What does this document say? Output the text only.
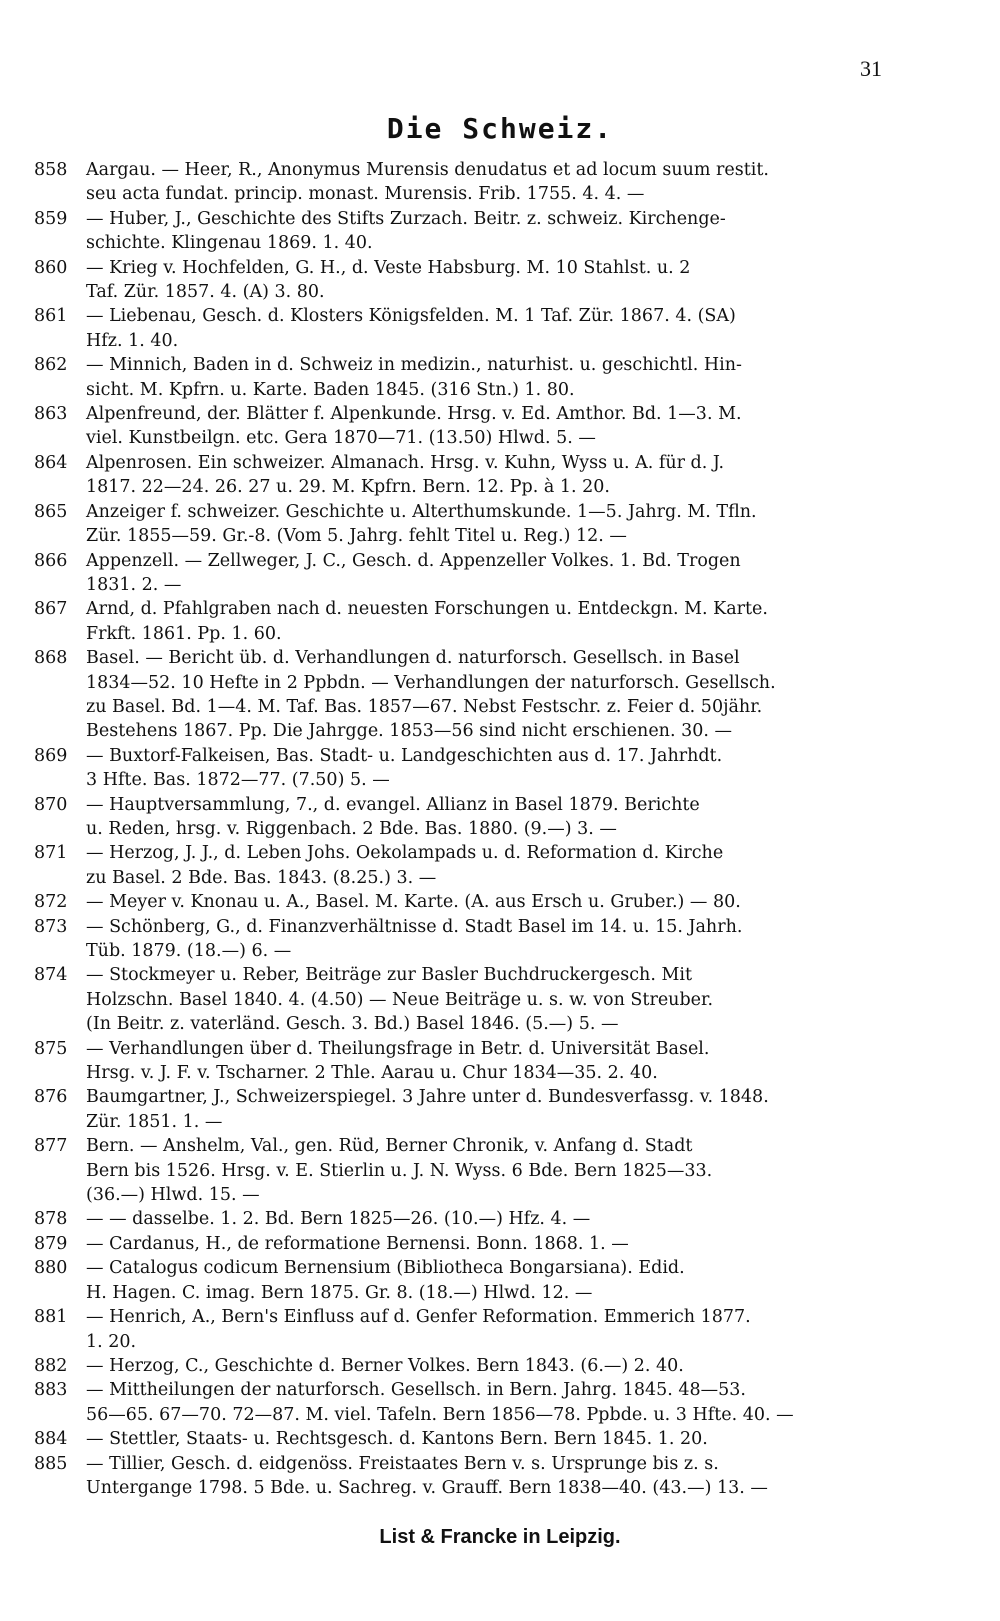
31
Die Schweiz.
858 Aargau. — Heer, R., Anonymus Murensis denudatus et ad locum suum restit.
seu acta fundat. princip. monast. Murensis. Frib. 1755. 4. 4. —
859 — Huber, J., Geschichte des Stifts Zurzach. Beitr. z. schweiz. Kirchenge-
schichte. Klingenau 1869. 1. 40.
860 — Krieg v. Hochfelden, G. H., d. Veste Habsburg. M. 10 Stahlst. u. 2
Taf. Zür. 1857. 4. (A) 3. 80.
861 — Liebenau, Gesch. d. Klosters Königsfelden. M. 1 Taf. Zür. 1867. 4. (SA)
Hfz. 1. 40.
862 — Minnich, Baden in d. Schweiz in medizin., naturhist. u. geschichtl. Hin-
sicht. M. Kpfrn. u. Karte. Baden 1845. (316 Stn.) 1. 80.
863 Alpenfreund, der. Blätter f. Alpenkunde. Hrsg. v. Ed. Amthor. Bd. 1—3. M.
viel. Kunstbeilgn. etc. Gera 1870—71. (13.50) Hlwd. 5. —
864 Alpenrosen. Ein schweizer. Almanach. Hrsg. v. Kuhn, Wyss u. A. für d. J.
1817. 22—24. 26. 27 u. 29. M. Kpfrn. Bern. 12. Pp. à 1. 20.
865 Anzeiger f. schweizer. Geschichte u. Alterthumskunde. 1—5. Jahrg. M. Tfln.
Zür. 1855—59. Gr.-8. (Vom 5. Jahrg. fehlt Titel u. Reg.) 12. —
866 Appenzell. — Zellweger, J. C., Gesch. d. Appenzeller Volkes. 1. Bd. Trogen
1831. 2. —
867 Arnd, d. Pfahlgraben nach d. neuesten Forschungen u. Entdeckgn. M. Karte.
Frkft. 1861. Pp. 1. 60.
868 Basel. — Bericht üb. d. Verhandlungen d. naturforsch. Gesellsch. in Basel
1834—52. 10 Hefte in 2 Ppbdn. — Verhandlungen der naturforsch. Gesellsch.
zu Basel. Bd. 1—4. M. Taf. Bas. 1857—67. Nebst Festschr. z. Feier d. 50jähr.
Bestehens 1867. Pp. Die Jahrgge. 1853—56 sind nicht erschienen. 30. —
869 — Buxtorf-Falkeisen, Bas. Stadt- u. Landgeschichten aus d. 17. Jahrhdt.
3 Hfte. Bas. 1872—77. (7.50) 5. —
870 — Hauptversammlung, 7., d. evangel. Allianz in Basel 1879. Berichte
u. Reden, hrsg. v. Riggenbach. 2 Bde. Bas. 1880. (9.—) 3. —
871 — Herzog, J. J., d. Leben Johs. Oekolampads u. d. Reformation d. Kirche
zu Basel. 2 Bde. Bas. 1843. (8.25.) 3. —
872 — Meyer v. Knonau u. A., Basel. M. Karte. (A. aus Ersch u. Gruber.) — 80.
873 — Schönberg, G., d. Finanzverhältnisse d. Stadt Basel im 14. u. 15. Jahrh.
Tüb. 1879. (18.—) 6. —
874 — Stockmeyer u. Reber, Beiträge zur Basler Buchdruckergesch. Mit
Holzschn. Basel 1840. 4. (4.50) — Neue Beiträge u. s. w. von Streuber.
(In Beitr. z. vaterländ. Gesch. 3. Bd.) Basel 1846. (5.—) 5. —
875 — Verhandlungen über d. Theilungsfrage in Betr. d. Universität Basel.
Hrsg. v. J. F. v. Tscharner. 2 Thle. Aarau u. Chur 1834—35. 2. 40.
876 Baumgartner, J., Schweizerspiegel. 3 Jahre unter d. Bundesverfassg. v. 1848.
Zür. 1851. 1. —
877 Bern. — Anshelm, Val., gen. Rüd, Berner Chronik, v. Anfang d. Stadt
Bern bis 1526. Hrsg. v. E. Stierlin u. J. N. Wyss. 6 Bde. Bern 1825—33.
(36.—) Hlwd. 15. —
878 — — dasselbe. 1. 2. Bd. Bern 1825—26. (10.—) Hfz. 4. —
879 — Cardanus, H., de reformatione Bernensi. Bonn. 1868. 1. —
880 — Catalogus codicum Bernensium (Bibliotheca Bongarsiana). Edid.
H. Hagen. C. imag. Bern 1875. Gr. 8. (18.—) Hlwd. 12. —
881 — Henrich, A., Bern's Einfluss auf d. Genfer Reformation. Emmerich 1877.
1. 20.
882 — Herzog, C., Geschichte d. Berner Volkes. Bern 1843. (6.—) 2. 40.
883 — Mittheilungen der naturforsch. Gesellsch. in Bern. Jahrg. 1845. 48—53.
56—65. 67—70. 72—87. M. viel. Tafeln. Bern 1856—78. Ppbde. u. 3 Hfte. 40. —
884 — Stettler, Staats- u. Rechtsgesch. d. Kantons Bern. Bern 1845. 1. 20.
885 — Tillier, Gesch. d. eidgenöss. Freistaates Bern v. s. Ursprunge bis z. s.
Untergange 1798. 5 Bde. u. Sachreg. v. Grauff. Bern 1838—40. (43.—) 13. —
List & Francke in Leipzig.
